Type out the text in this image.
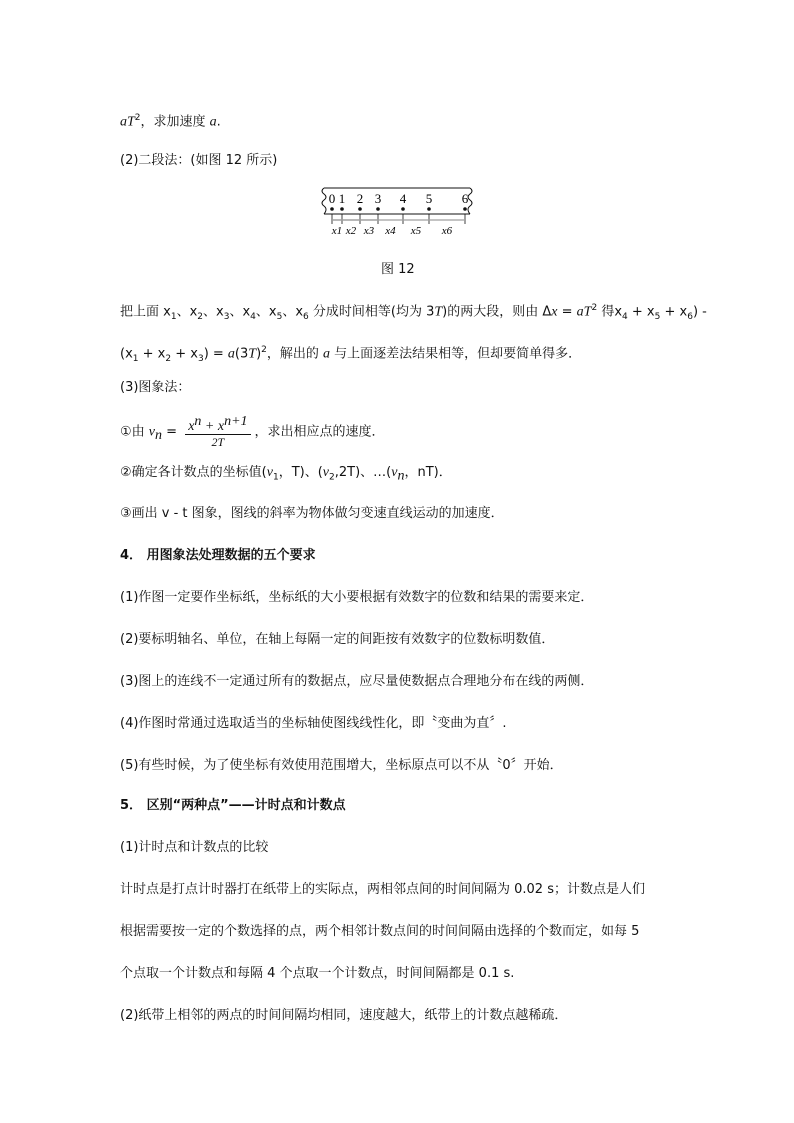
$aT^2$，求加速度 a.
(2)二段法：(如图 12 所示)
0 1 2 3 4 5 6
x1 x2 x3 x4 x5 x6
图 12
把上面 $x_1$、$x_2$、$x_3$、$x_4$、$x_5$、$x_6$ 分成时间相等(均为 3T)的两大段，则由 $\Delta x = aT^2$ 得$x_4 + x_5 + x_6$) -
$(x_1 + x_2 + x_3) = a(3T)^2$，解出的 a 与上面逐差法结果相等，但却要简单得多．
(3)图象法：
①由 $v_n = \frac{x^n + x^{n+1}}{2T}$ ，求出相应点的速度．
②确定各计数点的坐标值($v_1$，T)、$(v_2,2T)$、$\dots(v_n$，nT)．
③画出 v - t 图象，图线的斜率为物体做匀变速直线运动的加速度．
4． 用图象法处理数据的五个要求
(1)作图一定要作坐标纸，坐标纸的大小要根据有效数字的位数和结果的需要来定．
(2)要标明轴名、单位，在轴上每隔一定的间距按有效数字的位数标明数值．
(3)图上的连线不一定通过所有的数据点，应尽量使数据点合理地分布在线的两侧．
(4)作图时常通过选取适当的坐标轴使图线线性化，即〝变曲为直〞.
(5)有些时候，为了使坐标有效使用范围增大，坐标原点可以不从〝0〞开始．
5． 区别“两种点”——计时点和计数点
(1)计时点和计数点的比较
计时点是打点计时器打在纸带上的实际点，两相邻点间的时间间隔为 0.02 s；计数点是人们
根据需要按一定的个数选择的点，两个相邻计数点间的时间间隔由选择的个数而定，如每 5
个点取一个计数点和每隔 4 个点取一个计数点，时间间隔都是 0.1 s.
(2)纸带上相邻的两点的时间间隔均相同，速度越大，纸带上的计数点越稀疏．
